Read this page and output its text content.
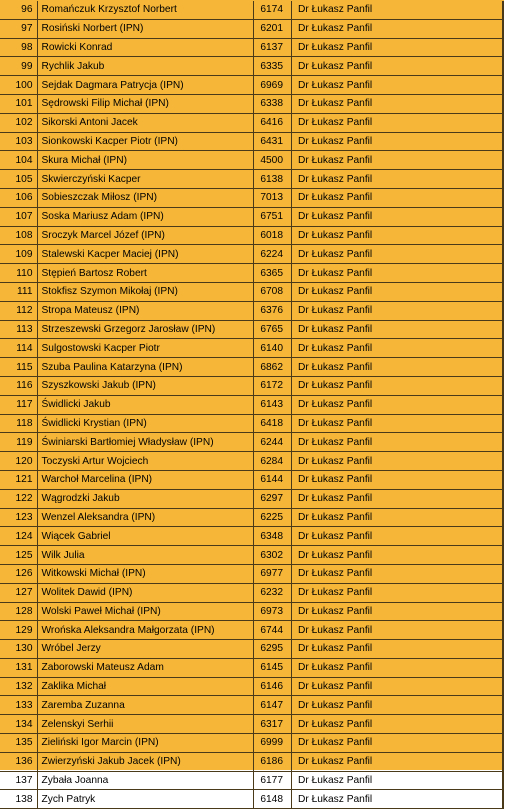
96	Romańczuk Krzysztof Norbert	6174		Dr Łukasz Panfil
97	Rosiński Norbert (IPN)	6201		Dr Łukasz Panfil
98	Rowicki Konrad	6137		Dr Łukasz Panfil
99	Rychlik Jakub	6335		Dr Łukasz Panfil
100	Sejdak Dagmara Patrycja (IPN)	6969		Dr Łukasz Panfil
101	Sędrowski Filip Michał (IPN)	6338		Dr Łukasz Panfil
102	Sikorski Antoni Jacek	6416		Dr Łukasz Panfil
103	Sionkowski Kacper Piotr (IPN)	6431		Dr Łukasz Panfil
104	Skura Michał (IPN)	4500		Dr Łukasz Panfil
105	Skwierczyński Kacper	6138		Dr Łukasz Panfil
106	Sobieszczak Miłosz (IPN)	7013		Dr Łukasz Panfil
107	Soska Mariusz Adam (IPN)	6751		Dr Łukasz Panfil
108	Sroczyk Marcel Józef (IPN)	6018		Dr Łukasz Panfil
109	Stalewski Kacper Maciej (IPN)	6224		Dr Łukasz Panfil
110	Stępień Bartosz Robert	6365		Dr Łukasz Panfil
111	Stokfisz Szymon Mikołaj (IPN)	6708		Dr Łukasz Panfil
112	Stropa Mateusz (IPN)	6376		Dr Łukasz Panfil
113	Strzeszewski Grzegorz Jarosław (IPN)	6765		Dr Łukasz Panfil
114	Sulgostowski Kacper Piotr	6140		Dr Łukasz Panfil
115	Szuba Paulina Katarzyna (IPN)	6862		Dr Łukasz Panfil
116	Szyszkowski Jakub (IPN)	6172		Dr Łukasz Panfil
117	Świdlicki Jakub	6143		Dr Łukasz Panfil
118	Świdlicki Krystian (IPN)	6418		Dr Łukasz Panfil
119	Świniarski Bartłomiej Władysław (IPN)	6244		Dr Łukasz Panfil
120	Toczyski Artur Wojciech	6284		Dr Łukasz Panfil
121	Warchoł Marcelina (IPN)	6144		Dr Łukasz Panfil
122	Wągrodzki Jakub	6297		Dr Łukasz Panfil
123	Wenzel Aleksandra (IPN)	6225		Dr Łukasz Panfil
124	Wiącek Gabriel	6348		Dr Łukasz Panfil
125	Wilk Julia	6302		Dr Łukasz Panfil
126	Witkowski Michał (IPN)	6977		Dr Łukasz Panfil
127	Wolitek Dawid (IPN)	6232		Dr Łukasz Panfil
128	Wolski Paweł Michał (IPN)	6973		Dr Łukasz Panfil
129	Wrońska Aleksandra Małgorzata (IPN)	6744		Dr Łukasz Panfil
130	Wróbel Jerzy	6295		Dr Łukasz Panfil
131	Zaborowski Mateusz Adam	6145		Dr Łukasz Panfil
132	Zaklika Michał	6146		Dr Łukasz Panfil
133	Zaremba Zuzanna	6147		Dr Łukasz Panfil
134	Zelenskyi Serhii	6317		Dr Łukasz Panfil
135	Zieliński Igor Marcin (IPN)	6999		Dr Łukasz Panfil
136	Zwierzyński Jakub Jacek (IPN)	6186		Dr Łukasz Panfil
137	Zybała Joanna	6177		Dr Łukasz Panfil
138	Zych Patryk	6148		Dr Łukasz Panfil
